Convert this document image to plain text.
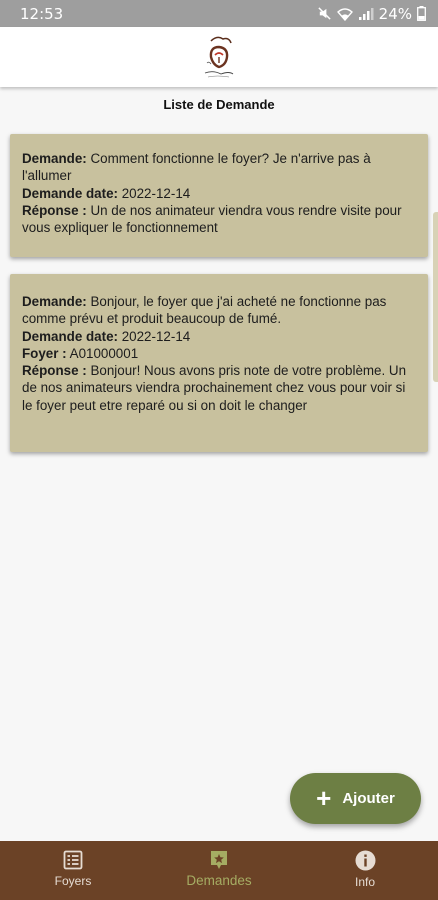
12:53	24%
Liste de Demande
Demande: Comment fonctionne le foyer? Je n'arrive pas à l'allumer
Demande date: 2022-12-14
Réponse : Un de nos animateur viendra vous rendre visite pour vous expliquer le fonctionnement
Demande: Bonjour, le foyer que j'ai acheté ne fonctionne pas comme prévu et produit beaucoup de fumé.
Demande date: 2022-12-14
Foyer : A01000001
Réponse : Bonjour! Nous avons pris note de votre problème. Un de nos animateurs viendra prochainement chez vous pour voir si le foyer peut etre reparé ou si on doit le changer
+ Ajouter
Foyers	Demandes	Info
